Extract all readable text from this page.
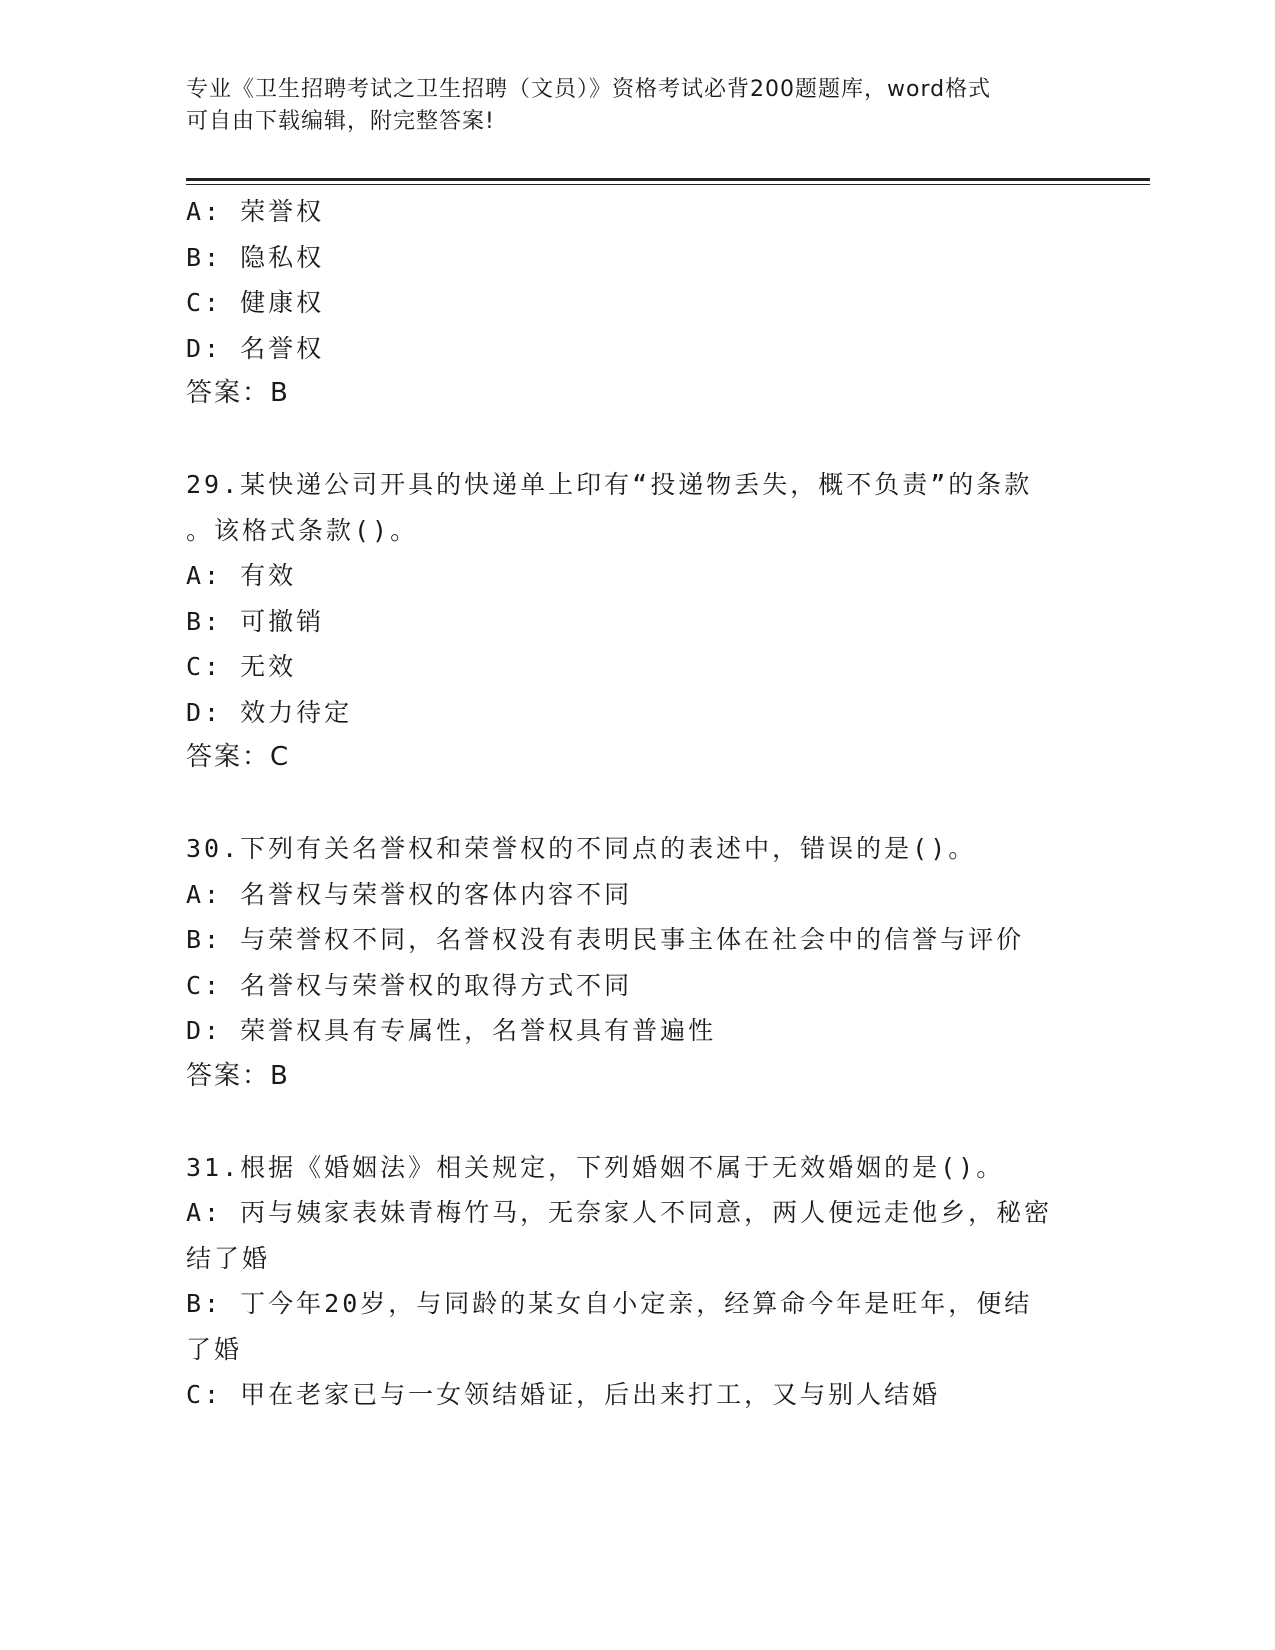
专业《卫生招聘考试之卫生招聘（文员）》资格考试必背200题题库，word格式
可自由下载编辑，附完整答案!
A: 荣誉权
B: 隐私权
C: 健康权
D: 名誉权
答案：B
29.某快递公司开具的快递单上印有“投递物丢失，概不负责”的条款
。该格式条款()。
A: 有效
B: 可撤销
C: 无效
D: 效力待定
答案：C
30.下列有关名誉权和荣誉权的不同点的表述中，错误的是()。
A: 名誉权与荣誉权的客体内容不同
B: 与荣誉权不同，名誉权没有表明民事主体在社会中的信誉与评价
C: 名誉权与荣誉权的取得方式不同
D: 荣誉权具有专属性，名誉权具有普遍性
答案：B
31.根据《婚姻法》相关规定，下列婚姻不属于无效婚姻的是()。
A: 丙与姨家表妹青梅竹马，无奈家人不同意，两人便远走他乡，秘密
结了婚
B: 丁今年20岁，与同龄的某女自小定亲，经算命今年是旺年，便结
了婚
C: 甲在老家已与一女领结婚证，后出来打工，又与别人结婚
